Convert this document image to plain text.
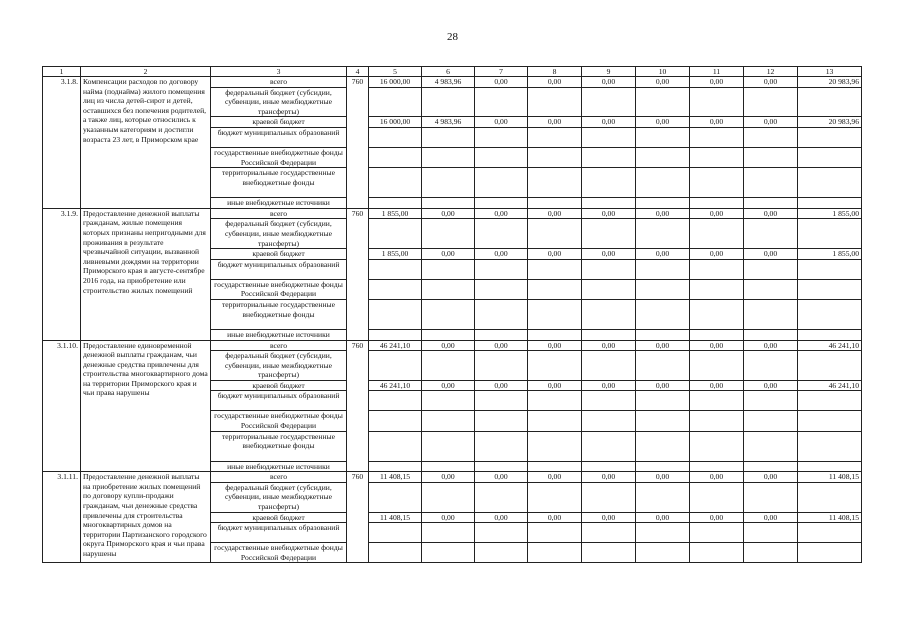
28
1	2	3	4	5	6	7	8	9	10	11	12	13
3.1.8.	Компенсации расходов по договору найма (поднайма) жилого помещения лиц из числа детей-сирот и детей, оставшихся без попечения родителей, а также лиц, которые относились к указанным категориям и достигли возраста 23 лет, в Приморском крае	всего	760	16 000,00	4 983,96	0,00	0,00	0,00	0,00	0,00	0,00	20 983,96
		федеральный бюджет (субсидии, субвенции, иные межбюджетные трансферты)										
		краевой бюджет		16 000,00	4 983,96	0,00	0,00	0,00	0,00	0,00	0,00	20 983,96
		бюджет муниципальных образований										
		государственные внебюджетные фонды Российской Федерации										
		территориальные государственные внебюджетные фонды										
		иные внебюджетные источники										
3.1.9.	Предоставление денежной выплаты гражданам, жилые помещения которых признаны непригодными для проживания в результате чрезвычайной ситуации, вызванной ливневыми дождями на территории Приморского края в августе-сентябре 2016 года, на приобретение или строительство жилых помещений	всего	760	1 855,00	0,00	0,00	0,00	0,00	0,00	0,00	0,00	1 855,00
		федеральный бюджет (субсидии, субвенции, иные межбюджетные трансферты)										
		краевой бюджет		1 855,00	0,00	0,00	0,00	0,00	0,00	0,00	0,00	1 855,00
		бюджет муниципальных образований										
		государственные внебюджетные фонды Российской Федерации										
		территориальные государственные внебюджетные фонды										
		иные внебюджетные источники										
3.1.10.	Предоставление единовременной денежной выплаты гражданам, чьи денежные средства привлечены для строительства многоквартирного дома на территории Приморского края и чьи права нарушены	всего	760	46 241,10	0,00	0,00	0,00	0,00	0,00	0,00	0,00	46 241,10
		федеральный бюджет (субсидии, субвенции, иные межбюджетные трансферты)										
		краевой бюджет		46 241,10	0,00	0,00	0,00	0,00	0,00	0,00	0,00	46 241,10
		бюджет муниципальных образований										
		государственные внебюджетные фонды Российской Федерации										
		территориальные государственные внебюджетные фонды										
		иные внебюджетные источники										
3.1.11.	Предоставление денежной выплаты на приобретение жилых помещений по договору купли-продажи гражданам, чьи денежные средства привлечены для строительства многоквартирных домов на территории Партизанского городского округа Приморского края и чьи права нарушены	всего	760	11 408,15	0,00	0,00	0,00	0,00	0,00	0,00	0,00	11 408,15
		федеральный бюджет (субсидии, субвенции, иные межбюджетные трансферты)										
		краевой бюджет		11 408,15	0,00	0,00	0,00	0,00	0,00	0,00	0,00	11 408,15
		бюджет муниципальных образований										
		государственные внебюджетные фонды Российской Федерации										
